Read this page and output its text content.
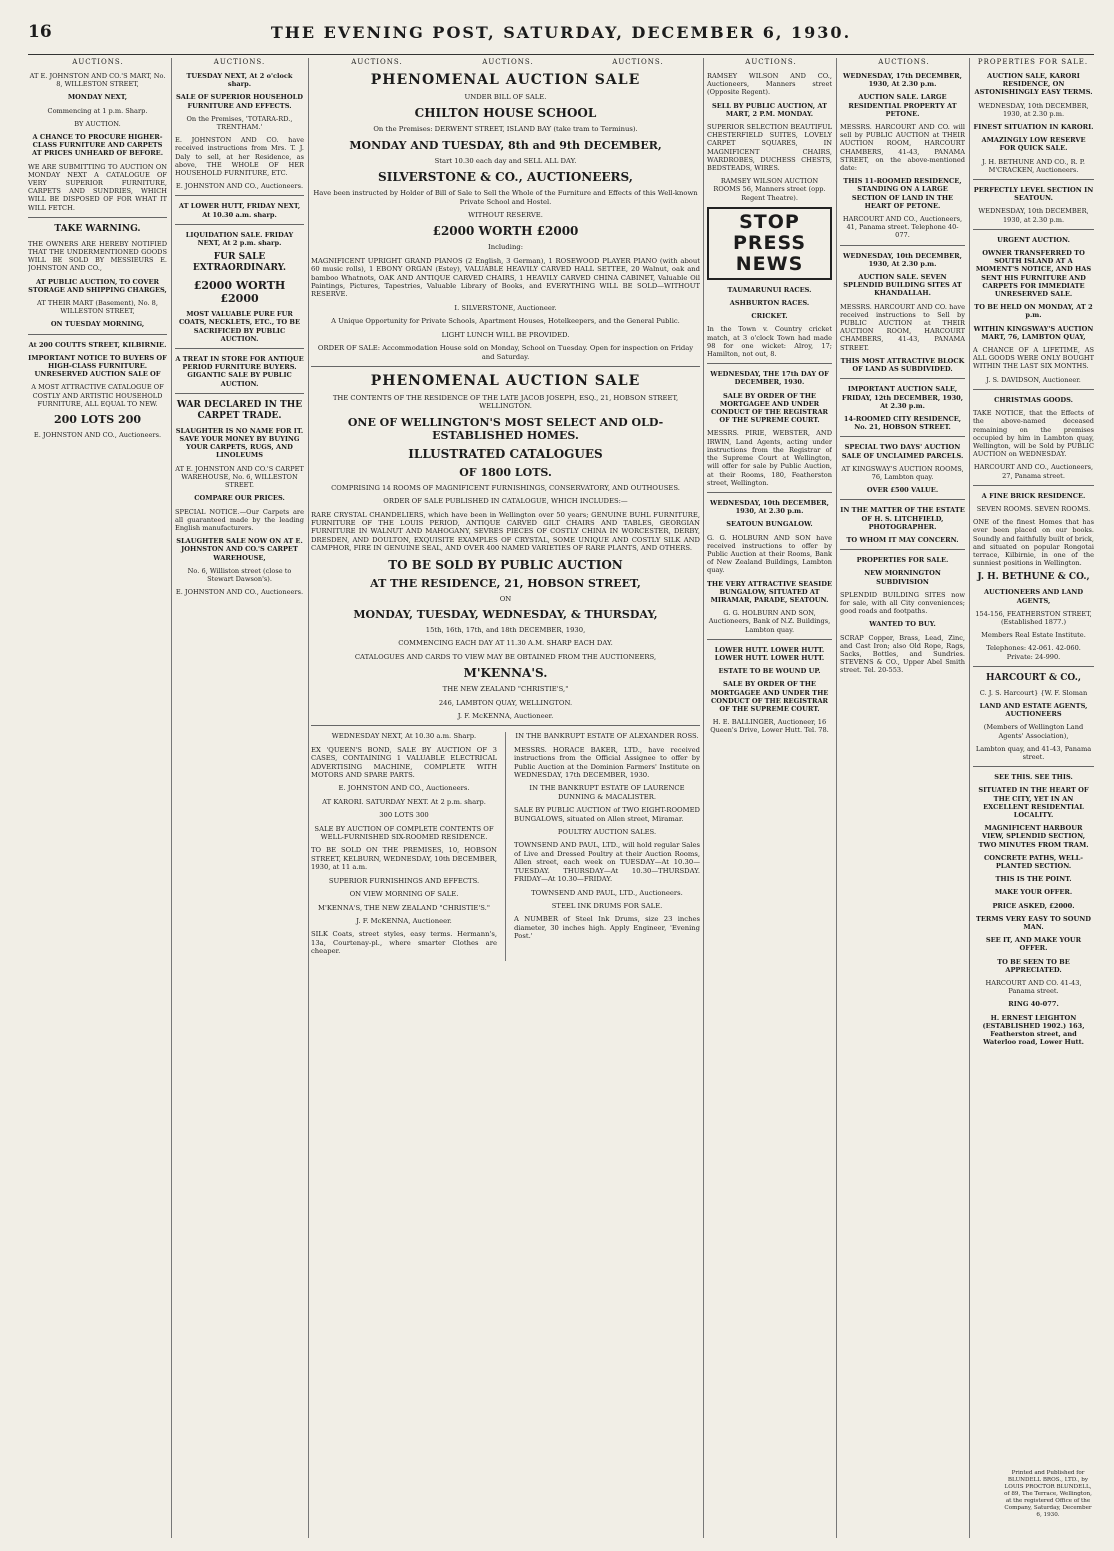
16	THE EVENING POST, SATURDAY, DECEMBER 6, 1930.
AUCTIONS.	AUCTIONS.	AUCTIONS.	AUCTIONS.	AUCTIONS.	AUCTIONS.	AUCTIONS.	PROPERTIES FOR SALE.

AT E. JOHNSTON AND CO.'S MART, No. 8, WILLESTON STREET,

MONDAY NEXT,

Commencing at 1 p.m. Sharp.

BY AUCTION.

A CHANCE TO PROCURE HIGHER-CLASS FURNITURE AND CARPETS AT PRICES UNHEARD OF BEFORE.

WE ARE SUBMITTING TO AUCTION ON MONDAY NEXT A CATALOGUE OF VERY SUPERIOR FURNITURE, CARPETS AND SUNDRIES, WHICH WILL BE DISPOSED OF FOR WHAT IT WILL FETCH.

TAKE WARNING.

THE OWNERS ARE HEREBY NOTIFIED THAT THE UNDERMENTIONED GOODS WILL BE SOLD BY MESSIEURS E. JOHNSTON AND CO.,

AT PUBLIC AUCTION, TO COVER STORAGE AND SHIPPING CHARGES,

AT THEIR MART (Basement), No. 8, WILLESTON STREET,

ON TUESDAY MORNING,

At 200 COUTTS STREET, KILBIRNIE.

IMPORTANT NOTICE TO BUYERS OF HIGH-CLASS FURNITURE. UNRESERVED AUCTION SALE OF

A MOST ATTRACTIVE CATALOGUE OF COSTLY AND ARTISTIC HOUSEHOLD FURNITURE, ALL EQUAL TO NEW.

200 LOTS 200

E. JOHNSTON AND CO., Auctioneers.

TUESDAY NEXT, At 2 o'clock sharp.

SALE OF SUPERIOR HOUSEHOLD FURNITURE AND EFFECTS.

On the Premises, 'TOTARA-RD., TRENTHAM.'

E. JOHNSTON AND CO. have received instructions from Mrs. T. J. Daly to sell, at her Residence, as above, THE WHOLE OF HER HOUSEHOLD FURNITURE, ETC.

E. JOHNSTON AND CO., Auctioneers.

AT LOWER HUTT, FRIDAY NEXT, At 10.30 a.m. sharp.

LIQUIDATION SALE. FRIDAY NEXT, At 2 p.m. sharp.

FUR SALE EXTRAORDINARY.

£2000 WORTH £2000

MOST VALUABLE PURE FUR COATS, NECKLETS, ETC., TO BE SACRIFICED BY PUBLIC AUCTION.

A TREAT IN STORE FOR ANTIQUE PERIOD FURNITURE BUYERS. GIGANTIC SALE BY PUBLIC AUCTION.

WAR DECLARED IN THE CARPET TRADE.

SLAUGHTER IS NO NAME FOR IT. SAVE YOUR MONEY BY BUYING YOUR CARPETS, RUGS, AND LINOLEUMS

AT E. JOHNSTON AND CO.'S CARPET WAREHOUSE, No. 6, WILLESTON STREET.

COMPARE OUR PRICES.

SPECIAL NOTICE.—Our Carpets are all guaranteed made by the leading English manufacturers.

SLAUGHTER SALE NOW ON AT E. JOHNSTON AND CO.'S CARPET WAREHOUSE,

No. 6, Williston street (close to Stewart Dawson's).

E. JOHNSTON AND CO., Auctioneers.

PHENOMENAL AUCTION SALE

UNDER BILL OF SALE.

CHILTON HOUSE SCHOOL

On the Premises: DERWENT STREET, ISLAND BAY (take tram to Terminus).

MONDAY AND TUESDAY, 8th and 9th DECEMBER,

Start 10.30 each day and SELL ALL DAY.

SILVERSTONE & CO., AUCTIONEERS,

Have been instructed by Holder of Bill of Sale to Sell the Whole of the Furniture and Effects of this Well-known Private School and Hostel.

WITHOUT RESERVE.

£2000 WORTH £2000

Including:

MAGNIFICENT UPRIGHT GRAND PIANOS (2 English, 3 German), 1 ROSEWOOD PLAYER PIANO (with about 60 music rolls), 1 EBONY ORGAN (Estey), VALUABLE HEAVILY CARVED HALL SETTEE, 20 Walnut, oak and bamboo Whatnots, OAK AND ANTIQUE CARVED CHAIRS, 1 HEAVILY CARVED CHINA CABINET, Valuable Oil Paintings, Pictures, Tapestries, Valuable Library of Books, and EVERYTHING WILL BE SOLD—WITHOUT RESERVE.

I. SILVERSTONE, Auctioneer.

A Unique Opportunity for Private Schools, Apartment Houses, Hotelkeepers, and the General Public.

LIGHT LUNCH WILL BE PROVIDED.

ORDER OF SALE: Accommodation House sold on Monday, School on Tuesday. Open for inspection on Friday and Saturday.

PHENOMENAL AUCTION SALE

THE CONTENTS OF THE RESIDENCE OF THE LATE JACOB JOSEPH, ESQ., 21, HOBSON STREET, WELLINGTON.

ONE OF WELLINGTON'S MOST SELECT AND OLD-ESTABLISHED HOMES.

ILLUSTRATED CATALOGUES

OF 1800 LOTS.

COMPRISING 14 ROOMS OF MAGNIFICENT FURNISHINGS, CONSERVATORY, AND OUTHOUSES.

ORDER OF SALE PUBLISHED IN CATALOGUE, WHICH INCLUDES:—

RARE CRYSTAL CHANDELIERS, which have been in Wellington over 50 years; GENUINE BUHL FURNITURE, FURNITURE OF THE LOUIS PERIOD, ANTIQUE CARVED GILT CHAIRS AND TABLES, GEORGIAN FURNITURE IN WALNUT AND MAHOGANY, SEVRES PIECES OF COSTLY CHINA IN WORCESTER, DERBY, DRESDEN, AND DOULTON, EXQUISITE EXAMPLES OF CRYSTAL, SOME UNIQUE AND COSTLY SILK AND CAMPHOR, FIRE IN GENUINE SEAL, AND OVER 400 NAMED VARIETIES OF RARE PLANTS, AND OTHERS.

TO BE SOLD BY PUBLIC AUCTION

AT THE RESIDENCE, 21, HOBSON STREET,

ON

MONDAY, TUESDAY, WEDNESDAY, & THURSDAY,

15th, 16th, 17th, and 18th DECEMBER, 1930,

COMMENCING EACH DAY AT 11.30 A.M. SHARP EACH DAY.

CATALOGUES AND CARDS TO VIEW MAY BE OBTAINED FROM THE AUCTIONEERS,

M'KENNA'S.

THE NEW ZEALAND "CHRISTIE'S,"

246, LAMBTON QUAY, WELLINGTON.

J. F. McKENNA, Auctioneer.

WEDNESDAY NEXT, At 10.30 a.m. Sharp.

EX 'QUEEN'S BOND, SALE BY AUCTION OF 3 CASES, CONTAINING 1 VALUABLE ELECTRICAL ADVERTISING MACHINE, COMPLETE WITH MOTORS AND SPARE PARTS.

E. JOHNSTON AND CO., Auctioneers.

AT KARORI. SATURDAY NEXT. At 2 p.m. sharp.

300 LOTS 300

SALE BY AUCTION OF COMPLETE CONTENTS OF WELL-FURNISHED SIX-ROOMED RESIDENCE.

TO BE SOLD ON THE PREMISES, 10, HOBSON STREET, KELBURN, WEDNESDAY, 10th DECEMBER, 1930, at 11 a.m.

SUPERIOR FURNISHINGS AND EFFECTS.

ON VIEW MORNING OF SALE.

M'KENNA'S, THE NEW ZEALAND "CHRISTIE'S."

J. F. McKENNA, Auctioneer.

SILK Coats, street styles, easy terms. Hermann's, 13a, Courtenay-pl., where smarter Clothes are cheaper.

IN THE BANKRUPT ESTATE OF ALEXANDER ROSS.

MESSRS. HORACE BAKER, LTD., have received instructions from the Official Assignee to offer by Public Auction at the Dominion Farmers' Institute on WEDNESDAY, 17th DECEMBER, 1930.

IN THE BANKRUPT ESTATE OF LAURENCE DUNNING & MACALISTER.

SALE BY PUBLIC AUCTION of TWO EIGHT-ROOMED BUNGALOWS, situated on Allen street, Miramar.

POULTRY AUCTION SALES.

TOWNSEND AND PAUL, LTD., will hold regular Sales of Live and Dressed Poultry at their Auction Rooms, Allen street, each week on TUESDAY—At 10.30—TUESDAY. THURSDAY—At 10.30—THURSDAY. FRIDAY—At 10.30—FRIDAY.

TOWNSEND AND PAUL, LTD., Auctioneers.

STEEL INK DRUMS FOR SALE.

A NUMBER of Steel Ink Drums, size 23 inches diameter, 30 inches high. Apply Engineer, 'Evening Post.'

RAMSEY WILSON AND CO., Auctioneers, Manners street (Opposite Regent).

SELL BY PUBLIC AUCTION, AT MART, 2 P.M. MONDAY.

SUPERIOR SELECTION BEAUTIFUL CHESTERFIELD SUITES, LOVELY CARPET SQUARES, IN MAGNIFICENT CHAIRS, WARDROBES, DUCHESS CHESTS, BEDSTEADS, WIRES.

RAMSEY WILSON AUCTION ROOMS 56, Manners street (opp. Regent Theatre).

STOP PRESS NEWS

TAUMARUNUI RACES.

ASHBURTON RACES.

CRICKET.

In the Town v. Country cricket match, at 3 o'clock Town had made 98 for one wicket: Alroy, 17; Hamilton, not out, 8.

WEDNESDAY, THE 17th DAY OF DECEMBER, 1930.

SALE BY ORDER OF THE MORTGAGEE AND UNDER CONDUCT OF THE REGISTRAR OF THE SUPREME COURT.

MESSRS. PIRIE, WEBSTER, AND IRWIN, Land Agents, acting under instructions from the Registrar of the Supreme Court at Wellington, will offer for sale by Public Auction, at their Rooms, 180, Featherston street, Wellington.

WEDNESDAY, 10th DECEMBER, 1930, At 2.30 p.m.

SEATOUN BUNGALOW.

G. G. HOLBURN AND SON have received instructions to offer by Public Auction at their Rooms, Bank of New Zealand Buildings, Lambton quay.

THE VERY ATTRACTIVE SEASIDE BUNGALOW, SITUATED AT MIRAMAR, PARADE, SEATOUN.

G. G. HOLBURN AND SON, Auctioneers, Bank of N.Z. Buildings, Lambton quay.

LOWER HUTT. LOWER HUTT. LOWER HUTT. LOWER HUTT.

ESTATE TO BE WOUND UP.

SALE BY ORDER OF THE MORTGAGEE AND UNDER THE CONDUCT OF THE REGISTRAR OF THE SUPREME COURT.

H. E. BALLINGER, Auctioneer, 16 Queen's Drive, Lower Hutt. Tel. 78.

WEDNESDAY, 17th DECEMBER, 1930, At 2.30 p.m.

AUCTION SALE. LARGE RESIDENTIAL PROPERTY AT PETONE.

MESSRS. HARCOURT AND CO. will sell by PUBLIC AUCTION at THEIR AUCTION ROOM, HARCOURT CHAMBERS, 41-43, PANAMA STREET, on the above-mentioned date:

THIS 11-ROOMED RESIDENCE, STANDING ON A LARGE SECTION OF LAND IN THE HEART OF PETONE.

HARCOURT AND CO., Auctioneers, 41, Panama street. Telephone 40-077.

WEDNESDAY, 10th DECEMBER, 1930, At 2.30 p.m.

AUCTION SALE. SEVEN SPLENDID BUILDING SITES AT KHANDALLAH.

MESSRS. HARCOURT AND CO. have received instructions to Sell by PUBLIC AUCTION at THEIR AUCTION ROOM, HARCOURT CHAMBERS, 41-43, PANAMA STREET.

THIS MOST ATTRACTIVE BLOCK OF LAND AS SUBDIVIDED.

IMPORTANT AUCTION SALE, FRIDAY, 12th DECEMBER, 1930, At 2.30 p.m.

14-ROOMED CITY RESIDENCE, No. 21, HOBSON STREET.

SPECIAL TWO DAYS' AUCTION SALE OF UNCLAIMED PARCELS.

AT KINGSWAY'S AUCTION ROOMS, 76, Lambton quay.

OVER £500 VALUE.

IN THE MATTER OF THE ESTATE OF H. S. LITCHFIELD, PHOTOGRAPHER.

TO WHOM IT MAY CONCERN.

PROPERTIES FOR SALE.

NEW MORNINGTON SUBDIVISION

SPLENDID BUILDING SITES now for sale, with all City conveniences; good roads and footpaths.

WANTED TO BUY.

SCRAP Copper, Brass, Lead, Zinc, and Cast Iron; also Old Rope, Rags, Sacks, Bottles, and Sundries. STEVENS & CO., Upper Abel Smith street. Tel. 20-553.

AUCTION SALE, KARORI RESIDENCE, ON ASTONISHINGLY EASY TERMS.

WEDNESDAY, 10th DECEMBER, 1930, at 2.30 p.m.

FINEST SITUATION IN KARORI.

AMAZINGLY LOW RESERVE FOR QUICK SALE.

J. H. BETHUNE AND CO., R. P. M'CRACKEN, Auctioneers.

PERFECTLY LEVEL SECTION IN SEATOUN.

WEDNESDAY, 10th DECEMBER, 1930, at 2.30 p.m.

URGENT AUCTION.

OWNER TRANSFERRED TO SOUTH ISLAND AT A MOMENT'S NOTICE, AND HAS SENT HIS FURNITURE AND CARPETS FOR IMMEDIATE UNRESERVED SALE.

TO BE HELD ON MONDAY, AT 2 p.m.

WITHIN KINGSWAY'S AUCTION MART, 76, LAMBTON QUAY,

A CHANCE OF A LIFETIME, AS ALL GOODS WERE ONLY BOUGHT WITHIN THE LAST SIX MONTHS.

J. S. DAVIDSON, Auctioneer.

CHRISTMAS GOODS.

TAKE NOTICE, that the Effects of the above-named deceased remaining on the premises occupied by him in Lambton quay, Wellington, will be Sold by PUBLIC AUCTION on WEDNESDAY.

HARCOURT AND CO., Auctioneers, 27, Panama street.

A FINE BRICK RESIDENCE.

SEVEN ROOMS. SEVEN ROOMS.

ONE of the finest Homes that has ever been placed on our books. Soundly and faithfully built of brick, and situated on popular Rongotai terrace, Kilbirnie, in one of the sunniest positions in Wellington.

J. H. BETHUNE & CO.,

AUCTIONEERS AND LAND AGENTS,

154-156, FEATHERSTON STREET, (Established 1877.)

Members Real Estate Institute.

Telephones: 42-061. 42-060. Private: 24-990.

HARCOURT & CO.,

C. J. S. Harcourt} {W. F. Sloman

LAND AND ESTATE AGENTS, AUCTIONEERS

(Members of Wellington Land Agents' Association),

Lambton quay, and 41-43, Panama street.

SEE THIS. SEE THIS.

SITUATED IN THE HEART OF THE CITY, YET IN AN EXCELLENT RESIDENTIAL LOCALITY.

MAGNIFICENT HARBOUR VIEW, SPLENDID SECTION, TWO MINUTES FROM TRAM.

CONCRETE PATHS, WELL-PLANTED SECTION.

THIS IS THE POINT.

MAKE YOUR OFFER.

PRICE ASKED, £2000.

TERMS VERY EASY TO SOUND MAN.

SEE IT, AND MAKE YOUR OFFER.

TO BE SEEN TO BE APPRECIATED.

HARCOURT AND CO. 41-43, Panama street.

RING 40-077.

H. ERNEST LEIGHTON (ESTABLISHED 1902.) 163, Featherston street, and Waterloo road, Lower Hutt.

Printed and Published for BLUNDELL BROS., LTD., by LOUIS PROCTOR BLUNDELL, of 89, The Terrace, Wellington, at the registered Office of the Company, Saturday, December 6, 1930.
